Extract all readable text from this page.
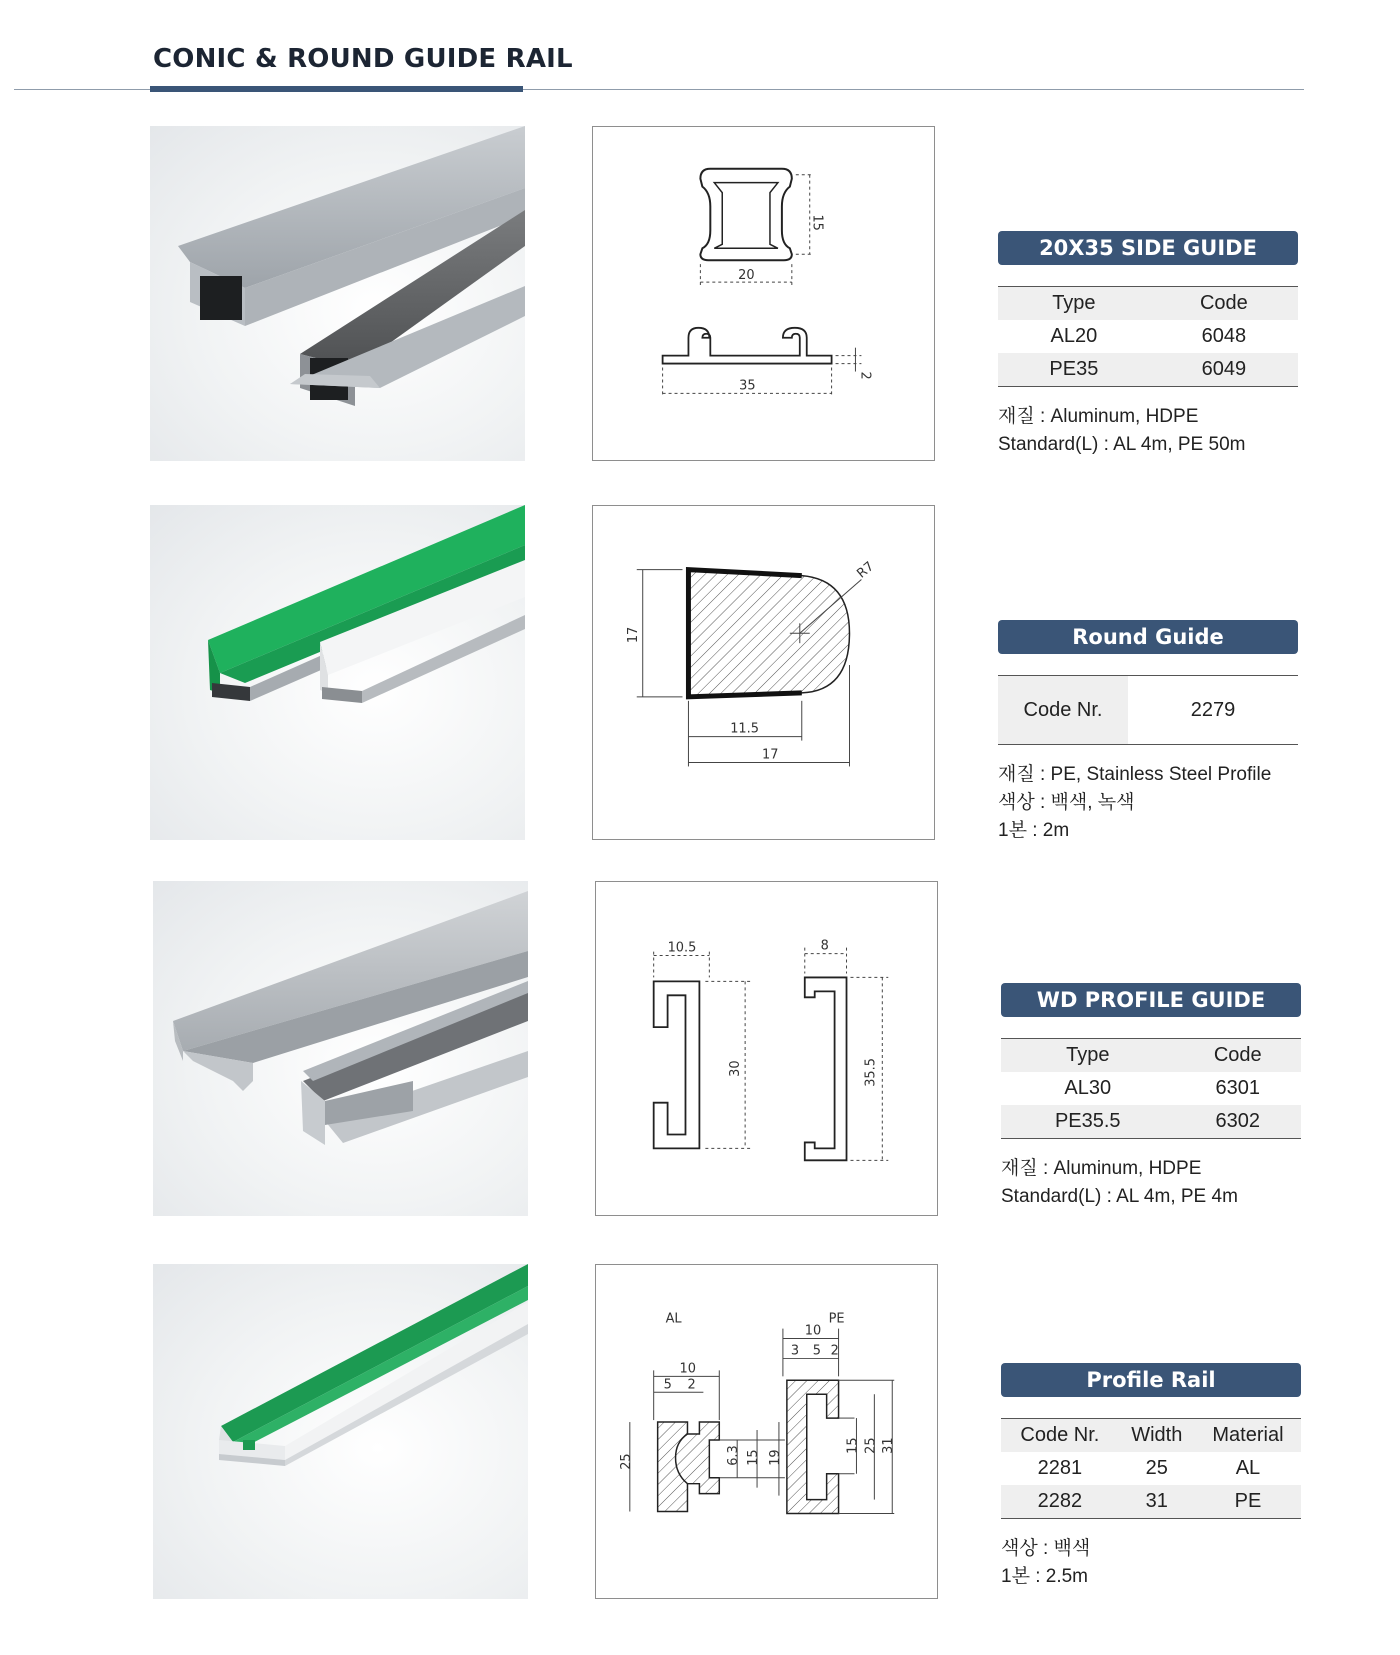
CONIC & ROUND GUIDE RAIL
15
20
35
2
20X35 SIDE GUIDE
Type	Code
AL20	6048
PE35	6049
재질 : Aluminum, HDPE
Standard(L) : AL 4m, PE 50m
R7
17
11.5
17
Round Guide
Code Nr.	2279
재질 : PE, Stainless Steel Profile
색상 : 백색, 녹색
1본 : 2m
10.5
30
8
35.5
WD PROFILE GUIDE
Type	Code
AL30	6301
PE35.5	6302
재질 : Aluminum, HDPE
Standard(L) : AL 4m, PE 4m
AL	PE
10
5 2
25	6.3 15 19
10
3 5 2
15 25 31
Profile Rail
Code Nr.	Width	Material
2281	25	AL
2282	31	PE
색상 : 백색
1본 : 2.5m
